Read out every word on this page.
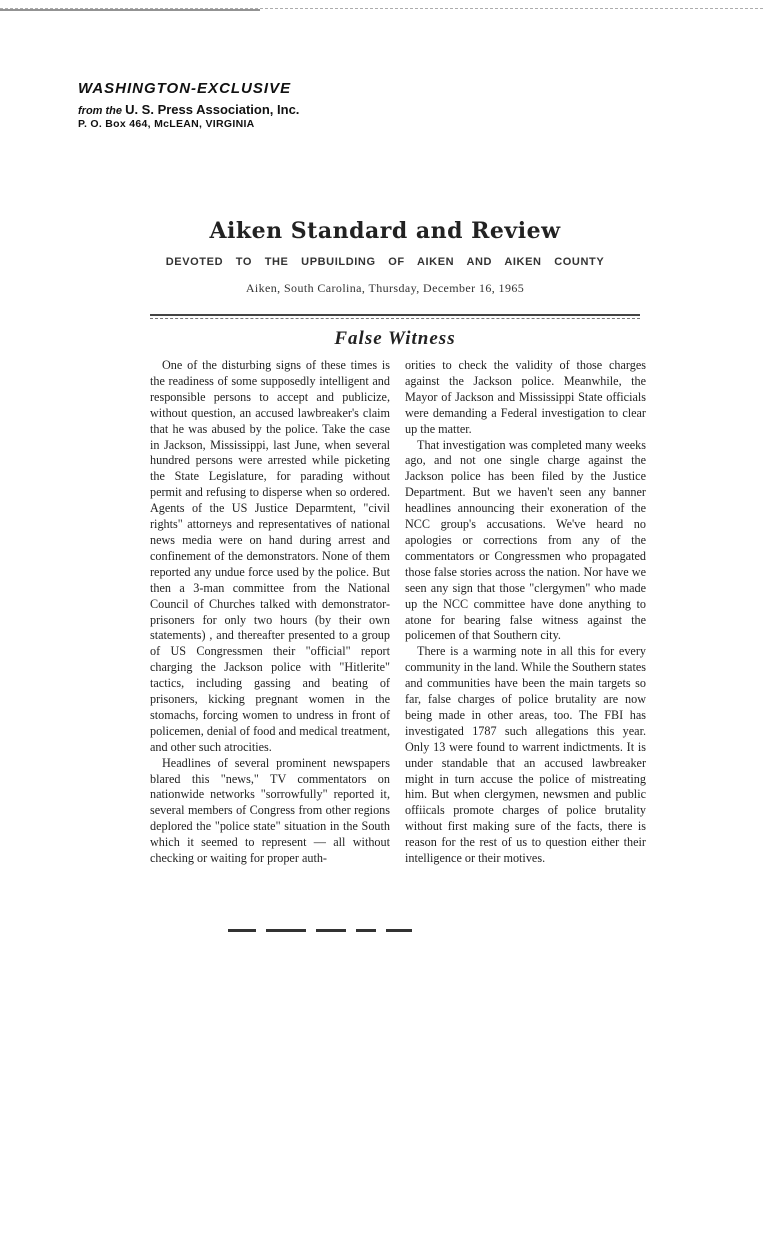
WASHINGTON-EXCLUSIVE
from the U. S. Press Association, Inc.
P. O. Box 464, McLEAN, VIRGINIA
Aiken Standard and Review
DEVOTED TO THE UPBUILDING OF AIKEN AND AIKEN COUNTY
Aiken, South Carolina, Thursday, December 16, 1965
False Witness

One of the disturbing signs of these times is the readiness of some supposedly intelligent and responsible persons to accept and publicize, without question, an accused lawbreaker's claim that he was abused by the police. Take the case in Jackson, Mississippi, last June, when several hundred persons were arrested while picketing the State Legislature, for parading without permit and refusing to disperse when so ordered. Agents of the US Justice Deparmtent, "civil rights" attorneys and representatives of national news media were on hand during arrest and confinement of the demonstrators. None of them reported any undue force used by the police. But then a 3-man committee from the National Council of Churches talked with demonstrator-prisoners for only two hours (by their own statements) , and thereafter presented to a group of US Congressmen their "official" report charging the Jackson police with "Hitlerite" tactics, including gassing and beating of prisoners, kicking pregnant women in the stomachs, forcing women to undress in front of policemen, denial of food and medical treatment, and other such atrocities.

Headlines of several prominent newspapers blared this "news," TV commentators on nationwide networks "sorrowfully" reported it, several members of Congress from other regions deplored the "police state" situation in the South which it seemed to represent — all without checking or waiting for proper auth-

orities to check the validity of those charges against the Jackson police. Meanwhile, the Mayor of Jackson and Mississippi State officials were demanding a Federal investigation to clear up the matter.

That investigation was completed many weeks ago, and not one single charge against the Jackson police has been filed by the Justice Department. But we haven't seen any banner headlines announcing their exoneration of the NCC group's accusations. We've heard no apologies or corrections from any of the commentators or Congressmen who propagated those false stories across the nation. Nor have we seen any sign that those "clergymen" who made up the NCC committee have done anything to atone for bearing false witness against the policemen of that Southern city.

There is a warming note in all this for every community in the land. While the Southern states and communities have been the main targets so far, false charges of police brutality are now being made in other areas, too. The FBI has investigated 1787 such allegations this year. Only 13 were found to warrent indictments. It is under standable that an accused lawbreaker might in turn accuse the police of mistreating him. But when clergymen, newsmen and public offiicals promote charges of police brutality without first making sure of the facts, there is reason for the rest of us to question either their intelligence or their motives.
